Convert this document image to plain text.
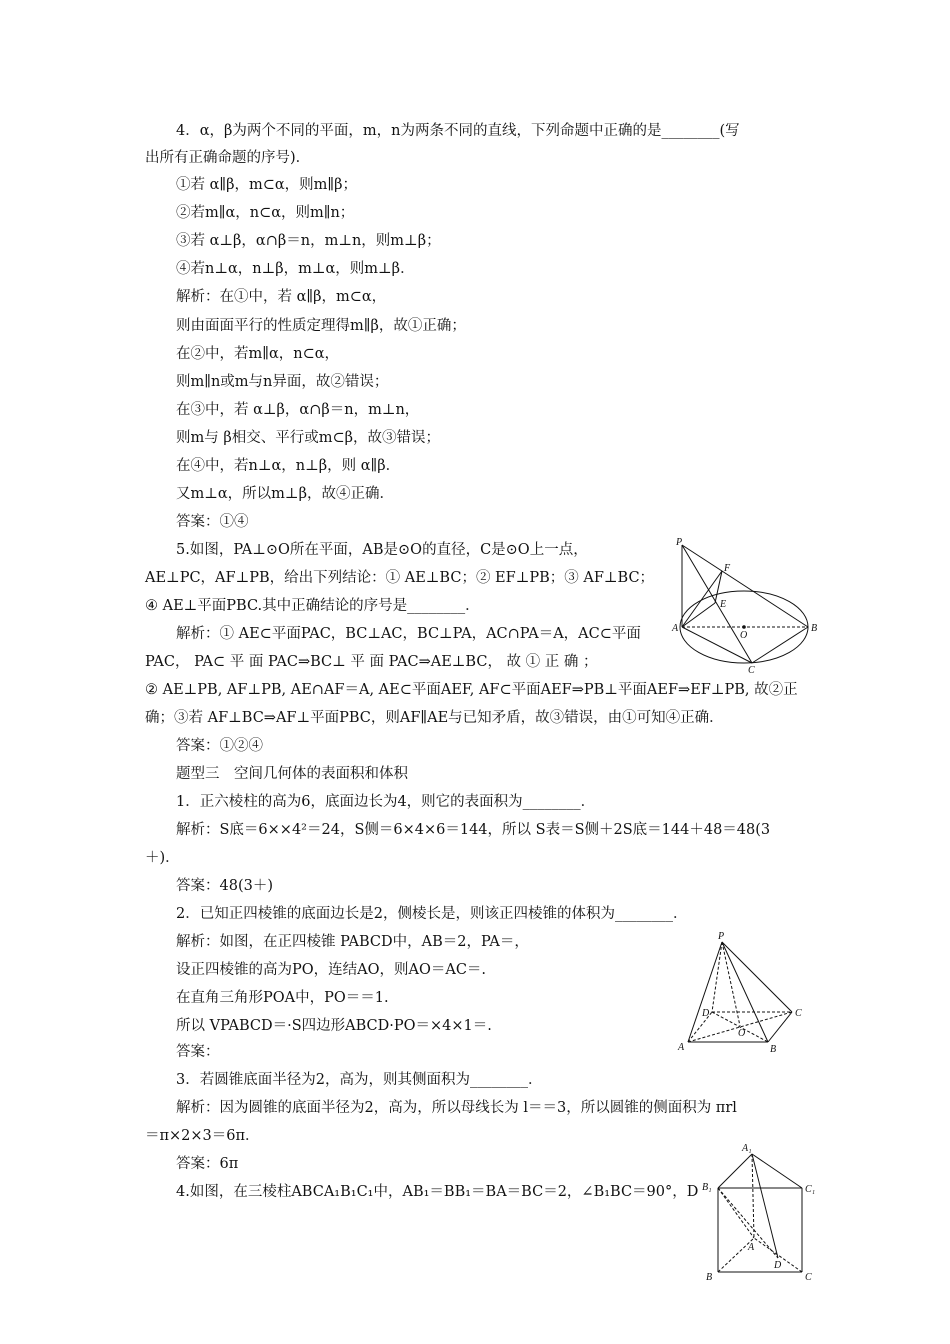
4．α，β为两个不同的平面，m，n为两条不同的直线，下列命题中正确的是________(写
出所有正确命题的序号)．
①若 α∥β，m⊂α，则m∥β；
②若m∥α，n⊂α，则m∥n；
③若 α⊥β，α∩β＝n，m⊥n，则m⊥β；
④若n⊥α，n⊥β，m⊥α，则m⊥β．
解析：在①中，若 α∥β，m⊂α，
则由面面平行的性质定理得m∥β，故①正确；
在②中，若m∥α，n⊂α，
则m∥n或m与n异面，故②错误；
在③中，若 α⊥β，α∩β＝n，m⊥n，
则m与 β相交、平行或m⊂β，故③错误；
在④中，若n⊥α，n⊥β，则 α∥β．
又m⊥α，所以m⊥β，故④正确．
答案：①④
5.如图，PA⊥⊙O所在平面，AB是⊙O的直径，C是⊙O上一点，
AE⊥PC，AF⊥PB，给出下列结论：① AE⊥BC；② EF⊥PB；③ AF⊥BC；
④ AE⊥平面PBC.其中正确结论的序号是________．
解析：① AE⊂平面PAC，BC⊥AC，BC⊥PA，AC∩PA＝A，AC⊂平面
PAC， PA⊂ 平 面 PAC⇒BC⊥ 平 面 PAC⇒AE⊥BC， 故 ① 正 确 ；
② AE⊥PB, AF⊥PB, AE∩AF＝A, AE⊂平面AEF, AF⊂平面AEF⇒PB⊥平面AEF⇒EF⊥PB, 故②正
确；③若 AF⊥BC⇒AF⊥平面PBC，则AF∥AE与已知矛盾，故③错误，由①可知④正确．
答案：①②④
题型三　空间几何体的表面积和体积
1．正六棱柱的高为6，底面边长为4，则它的表面积为________．
解析：S底＝6××4²＝24，S侧＝6×4×6＝144，所以 S表＝S侧＋2S底＝144＋48＝48(3
＋)．
答案：48(3＋)
2．已知正四棱锥的底面边长是2，侧棱长是，则该正四棱锥的体积为________．
解析：如图，在正四棱锥 PABCD中，AB＝2，PA＝，
设正四棱锥的高为PO，连结AO，则AO＝AC＝.
在直角三角形POA中，PO＝＝1.
所以 VPABCD＝·S四边形ABCD·PO＝×4×1＝.
答案：
3．若圆锥底面半径为2，高为，则其侧面积为________．
解析：因为圆锥的底面半径为2，高为，所以母线长为 l＝＝3，所以圆锥的侧面积为 πrl
＝π×2×3＝6π．
答案：6π
4.如图，在三棱柱ABCA₁B₁C₁中，AB₁＝BB₁＝BA＝BC＝2，∠B₁BC＝90°，D
P
F
E
A
O
B
C
P
D	C
O
A	B
A₁
B₁	C₁
A
D
B	C
